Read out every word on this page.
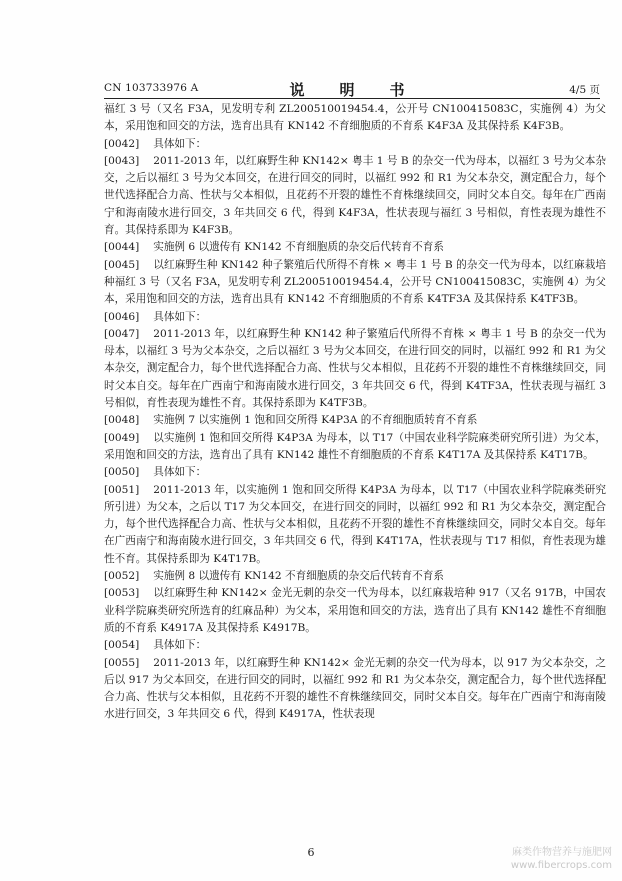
CN 103733976 A	说　明　书	4/5 页

福红 3 号（又名 F3A，见发明专利 ZL200510019454.4，公开号 CN100415083C，实施例 4）为父本，采用饱和回交的方法，选育出具有 KN142 不育细胞质的不育系 K4F3A 及其保持系 K4F3B。

[0042] 具体如下：

[0043] 2011-2013 年，以红麻野生种 KN142× 粤丰 1 号 B 的杂交一代为母本，以福红 3 号为父本杂交，之后以福红 3 号为父本回交，在进行回交的同时，以福红 992 和 R1 为父本杂交，测定配合力，每个世代选择配合力高、性状与父本相似，且花药不开裂的雄性不育株继续回交，同时父本自交。每年在广西南宁和海南陵水进行回交，3 年共回交 6 代，得到 K4F3A，性状表现与福红 3 号相似，育性表现为雄性不育。其保持系即为 K4F3B。

[0044] 实施例 6 以遗传有 KN142 不育细胞质的杂交后代转育不育系

[0045] 以红麻野生种 KN142 种子繁殖后代所得不育株 × 粤丰 1 号 B 的杂交一代为母本，以红麻栽培种福红 3 号（又名 F3A，见发明专利 ZL200510019454.4，公开号 CN100415083C，实施例 4）为父本，采用饱和回交的方法，选育出具有 KN142 不育细胞质的不育系 K4TF3A 及其保持系 K4TF3B。

[0046] 具体如下：

[0047] 2011-2013 年，以红麻野生种 KN142 种子繁殖后代所得不育株 × 粤丰 1 号 B 的杂交一代为母本，以福红 3 号为父本杂交，之后以福红 3 号为父本回交，在进行回交的同时，以福红 992 和 R1 为父本杂交，测定配合力，每个世代选择配合力高、性状与父本相似，且花药不开裂的雄性不育株继续回交，同时父本自交。每年在广西南宁和海南陵水进行回交，3 年共回交 6 代，得到 K4TF3A，性状表现与福红 3 号相似，育性表现为雄性不育。其保持系即为 K4TF3B。

[0048] 实施例 7 以实施例 1 饱和回交所得 K4P3A 的不育细胞质转育不育系

[0049] 以实施例 1 饱和回交所得 K4P3A 为母本，以 T17（中国农业科学院麻类研究所引进）为父本，采用饱和回交的方法，选育出了具有 KN142 雄性不育细胞质的不育系 K4T17A 及其保持系 K4T17B。

[0050] 具体如下：

[0051] 2011-2013 年，以实施例 1 饱和回交所得 K4P3A 为母本，以 T17（中国农业科学院麻类研究所引进）为父本，之后以 T17 为父本回交，在进行回交的同时，以福红 992 和 R1 为父本杂交，测定配合力，每个世代选择配合力高、性状与父本相似，且花药不开裂的雄性不育株继续回交，同时父本自交。每年在广西南宁和海南陵水进行回交，3 年共回交 6 代，得到 K4T17A，性状表现与 T17 相似，育性表现为雄性不育。其保持系即为 K4T17B。

[0052] 实施例 8 以遗传有 KN142 不育细胞质的杂交后代转育不育系

[0053] 以红麻野生种 KN142× 金光无刺的杂交一代为母本，以红麻栽培种 917（又名 917B，中国农业科学院麻类研究所选育的红麻品种）为父本，采用饱和回交的方法，选育出了具有 KN142 雄性不育细胞质的不育系 K4917A 及其保持系 K4917B。

[0054] 具体如下：

[0055] 2011-2013 年，以红麻野生种 KN142× 金光无刺的杂交一代为母本，以 917 为父本杂交，之后以 917 为父本回交，在进行回交的同时，以福红 992 和 R1 为父本杂交，测定配合力，每个世代选择配合力高、性状与父本相似，且花药不开裂的雄性不育株继续回交，同时父本自交。每年在广西南宁和海南陵水进行回交，3 年共回交 6 代，得到 K4917A，性状表现

6	麻类作物营养与施肥网
www.fibercrops.com
